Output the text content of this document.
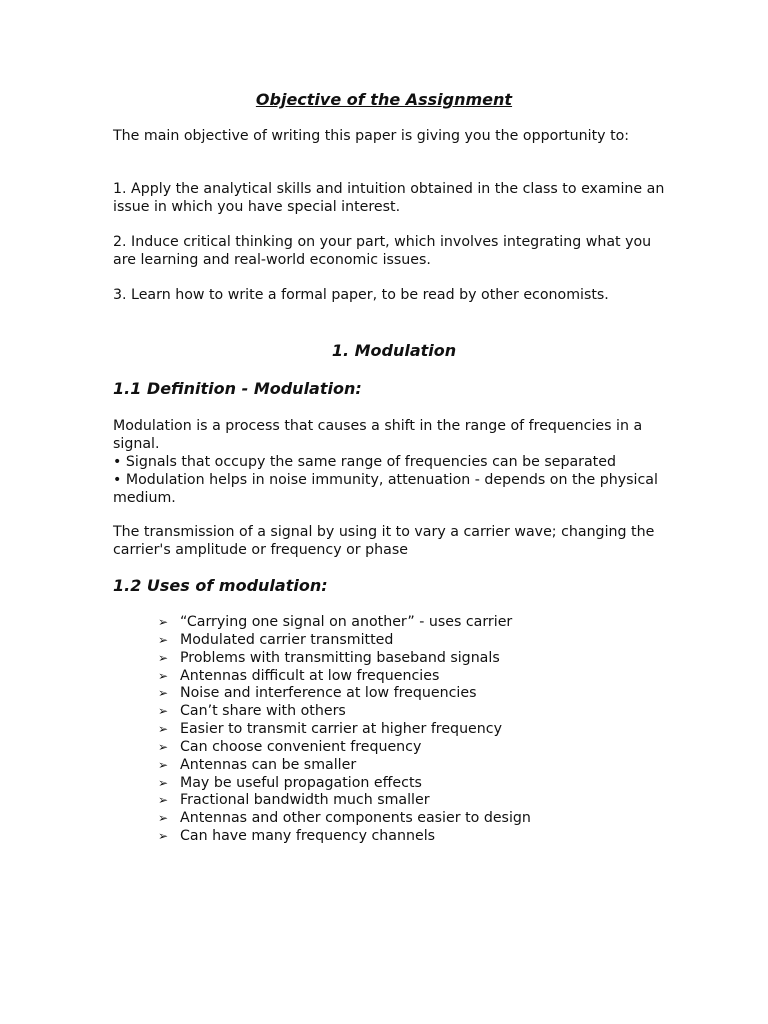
Objective of the Assignment

The main objective of writing this paper is giving you the opportunity to:

1. Apply the analytical skills and intuition obtained in the class to examine an issue in which you have special interest.

2. Induce critical thinking on your part, which involves integrating what you are learning and real-world economic issues.

3. Learn how to write a formal paper, to be read by other economists.

1. Modulation
1.1 Definition - Modulation:

Modulation is a process that causes a shift in the range of frequencies in a signal.

• Signals that occupy the same range of frequencies can be separated

• Modulation helps in noise immunity, attenuation - depends on the physical medium.

The transmission of a signal by using it to vary a carrier wave; changing the carrier's amplitude or frequency or phase

1.2 Uses of modulation:
➢ “Carrying one signal on another” - uses carrier
➢ Modulated carrier transmitted
➢ Problems with transmitting baseband signals
➢ Antennas difficult at low frequencies
➢ Noise and interference at low frequencies
➢ Can’t share with others
➢ Easier to transmit carrier at higher frequency
➢ Can choose convenient frequency
➢ Antennas can be smaller
➢ May be useful propagation effects
➢ Fractional bandwidth much smaller
➢ Antennas and other components easier to design
➢ Can have many frequency channels
